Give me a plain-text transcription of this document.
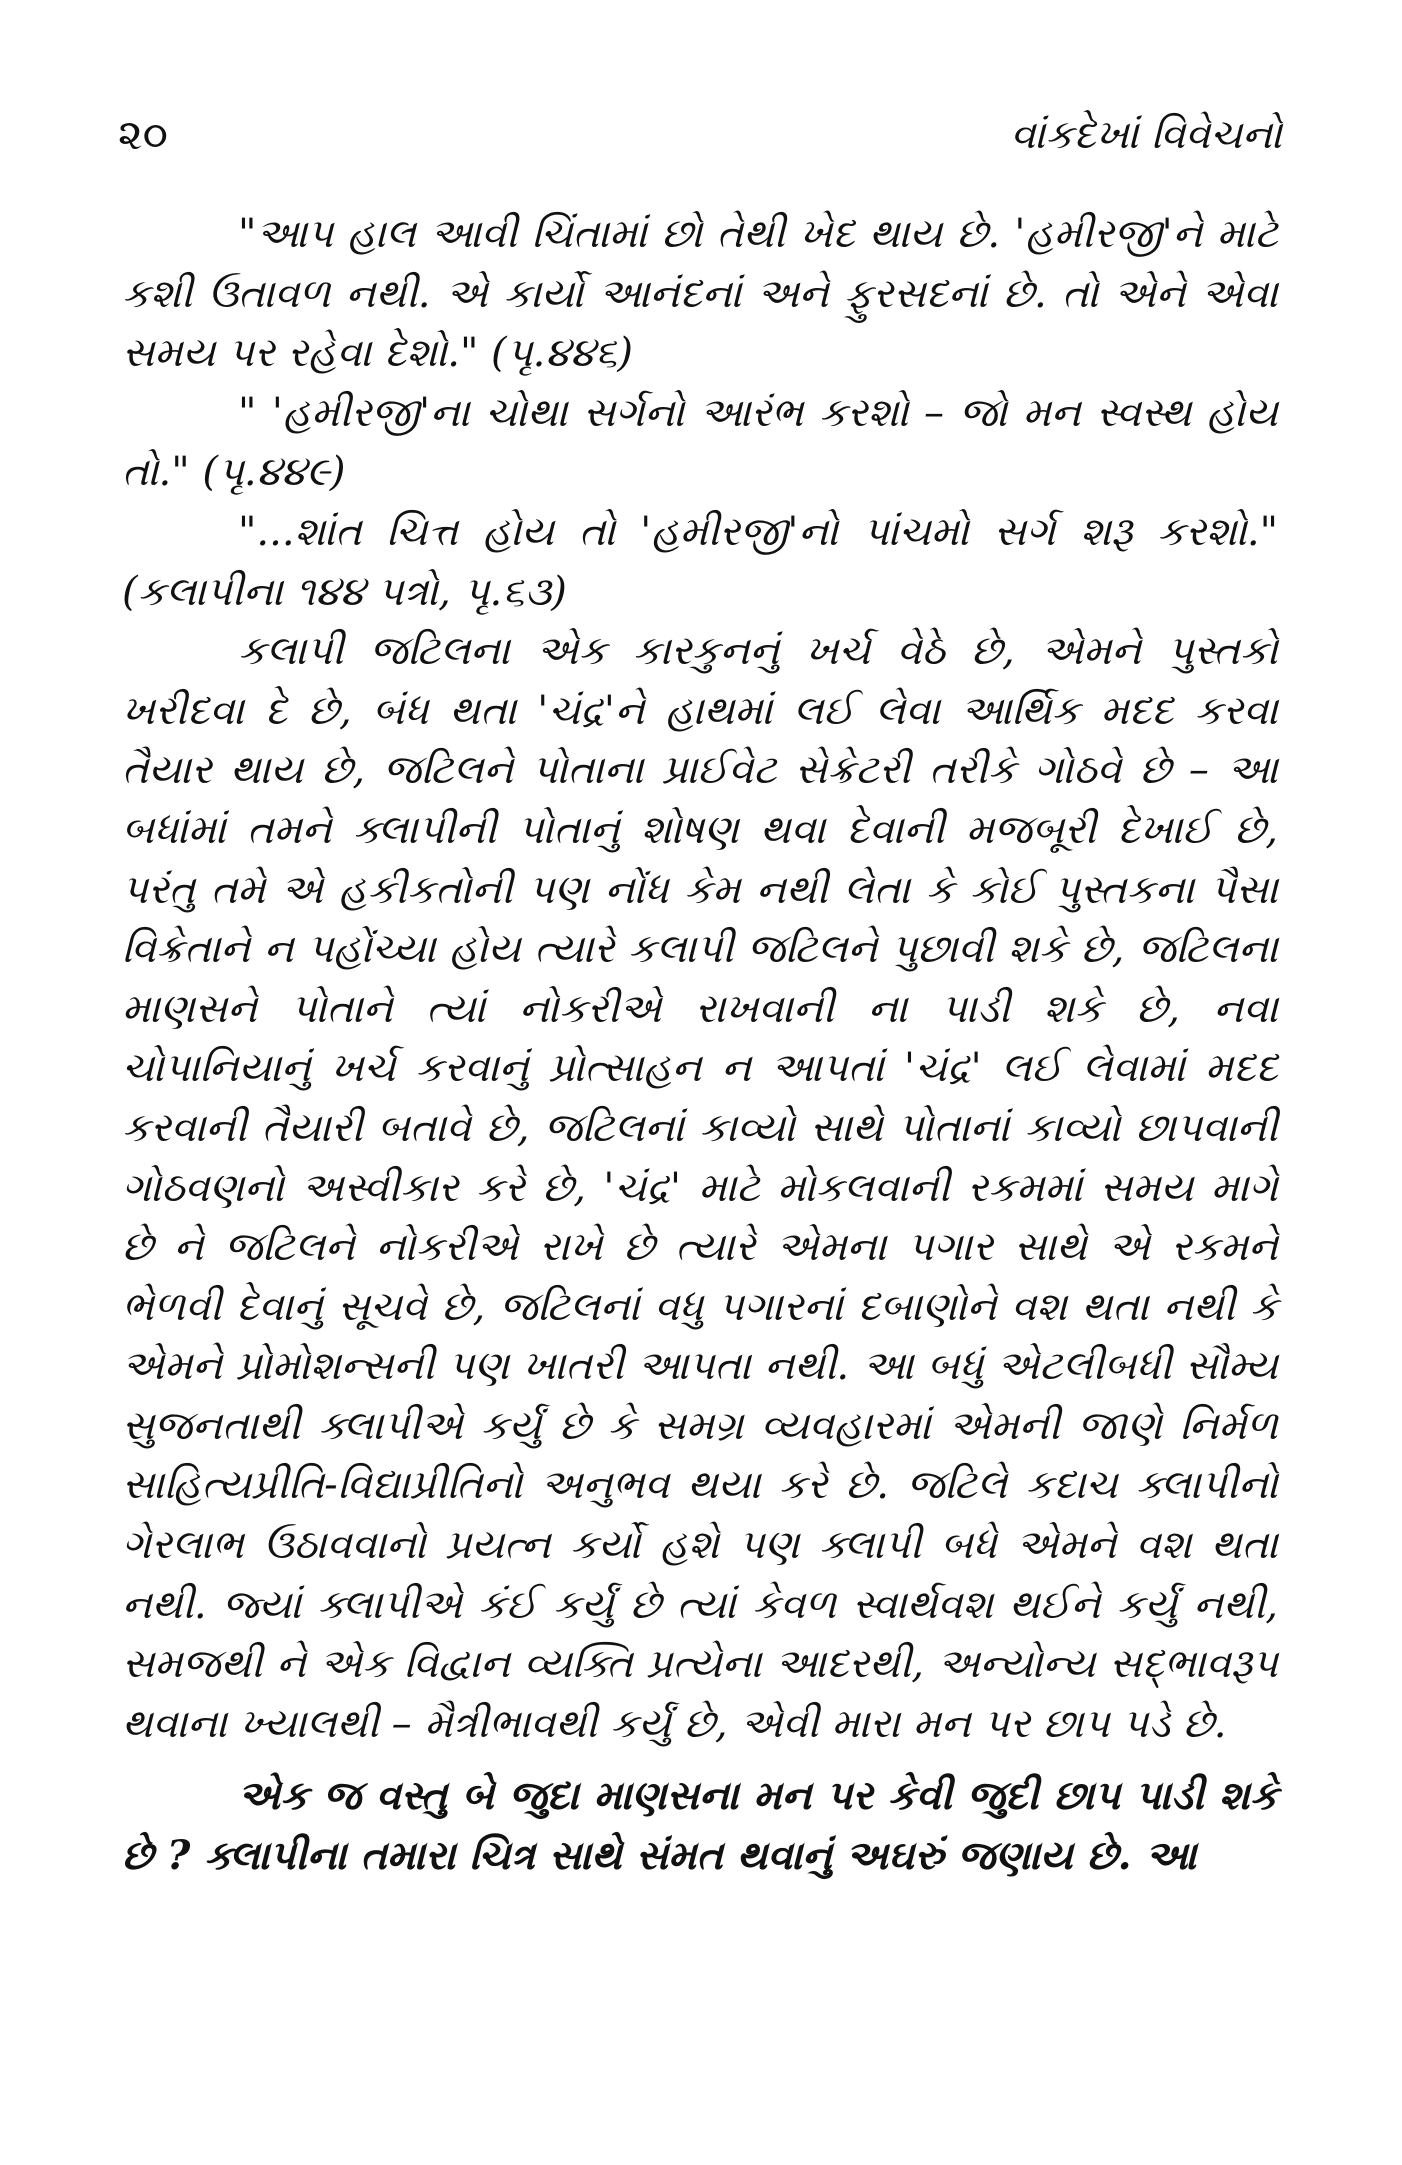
૨૦	વાંકદેખાં વિવેચનો

"આપ હાલ આવી ચિંતામાં છો તેથી ખેદ થાય છે. 'હમીરજી'ને માટે કશી ઉતાવળ નથી. એ કાર્યો આનંદનાં અને ફુરસદનાં છે. તો એને એવા સમય પર રહેવા દેશો." (પૃ.૪૪૬)

" 'હમીરજી'ના ચોથા સર્ગનો આરંભ કરશો – જો મન સ્વસ્થ હોય તો." (પૃ.૪૪૯)

"...શાંત ચિત્ત હોય તો 'હમીરજી'નો પાંચમો સર્ગ શરૂ કરશો." (કલાપીના ૧૪૪ પત્રો, પૃ.૬૩)

કલાપી જટિલના એક કારકુનનું ખર્ચ વેઠે છે, એમને પુસ્તકો ખરીદવા દે છે, બંધ થતા 'ચંદ્ર'ને હાથમાં લઈ લેવા આર્થિક મદદ કરવા તૈયાર થાય છે, જટિલને પોતાના પ્રાઈવેટ સેક્રેટરી તરીકે ગોઠવે છે – આ બધાંમાં તમને ક્લાપીની પોતાનું શોષણ થવા દેવાની મજબૂરી દેખાઈ છે, પરંતુ તમે એ હકીકતોની પણ નોંધ કેમ નથી લેતા કે કોઈ પુસ્તકના પૈસા વિક્રેતાને ન પહોંચ્યા હોય ત્યારે કલાપી જટિલને પુછાવી શકે છે, જટિલના માણસને પોતાને ત્યાં નોકરીએ રાખવાની ના પાડી શકે છે, નવા ચોપાનિયાનું ખર્ચ કરવાનું પ્રોત્સાહન ન આપતાં 'ચંદ્ર' લઈ લેવામાં મદદ કરવાની તૈયારી બતાવે છે, જટિલનાં કાવ્યો સાથે પોતાનાં કાવ્યો છાપવાની ગોઠવણનો અસ્વીકાર કરે છે, 'ચંદ્ર' માટે મોકલવાની રકમમાં સમય માગે છે ને જટિલને નોકરીએ રાખે છે ત્યારે એમના પગાર સાથે એ રકમને ભેળવી દેવાનું સૂચવે છે, જટિલનાં વધુ પગારનાં દબાણોને વશ થતા નથી કે એમને પ્રોમોશન્સની પણ ખાતરી આપતા નથી. આ બધું એટલીબધી સૌમ્ય સુજનતાથી ક્લાપીએ કર્યું છે કે સમગ્ર વ્યવહારમાં એમની જાણે નિર્મળ સાહિત્યપ્રીતિ-વિદ્યાપ્રીતિનો અનુભવ થયા કરે છે. જટિલે કદાચ ક્લાપીનો ગેરલાભ ઉઠાવવાનો પ્રયત્ન કર્યો હશે પણ ક્લાપી બધે એમને વશ થતા નથી. જ્યાં ક્લાપીએ કંઈ કર્યું છે ત્યાં કેવળ સ્વાર્થવશ થઈને કર્યું નથી, સમજથી ને એક વિદ્વાન વ્યક્તિ પ્રત્યેના આદરથી, અન્યોન્ય સદ્ભાવરૂપ થવાના ખ્યાલથી – મૈત્રીભાવથી કર્યું છે, એવી મારા મન પર છાપ પડે છે.

એક જ વસ્તુ બે જુદા માણસના મન પર કેવી જુદી છાપ પાડી શકે છે ? ક્લાપીના તમારા ચિત્ર સાથે સંમત થવાનું અઘરું જણાય છે. આ
